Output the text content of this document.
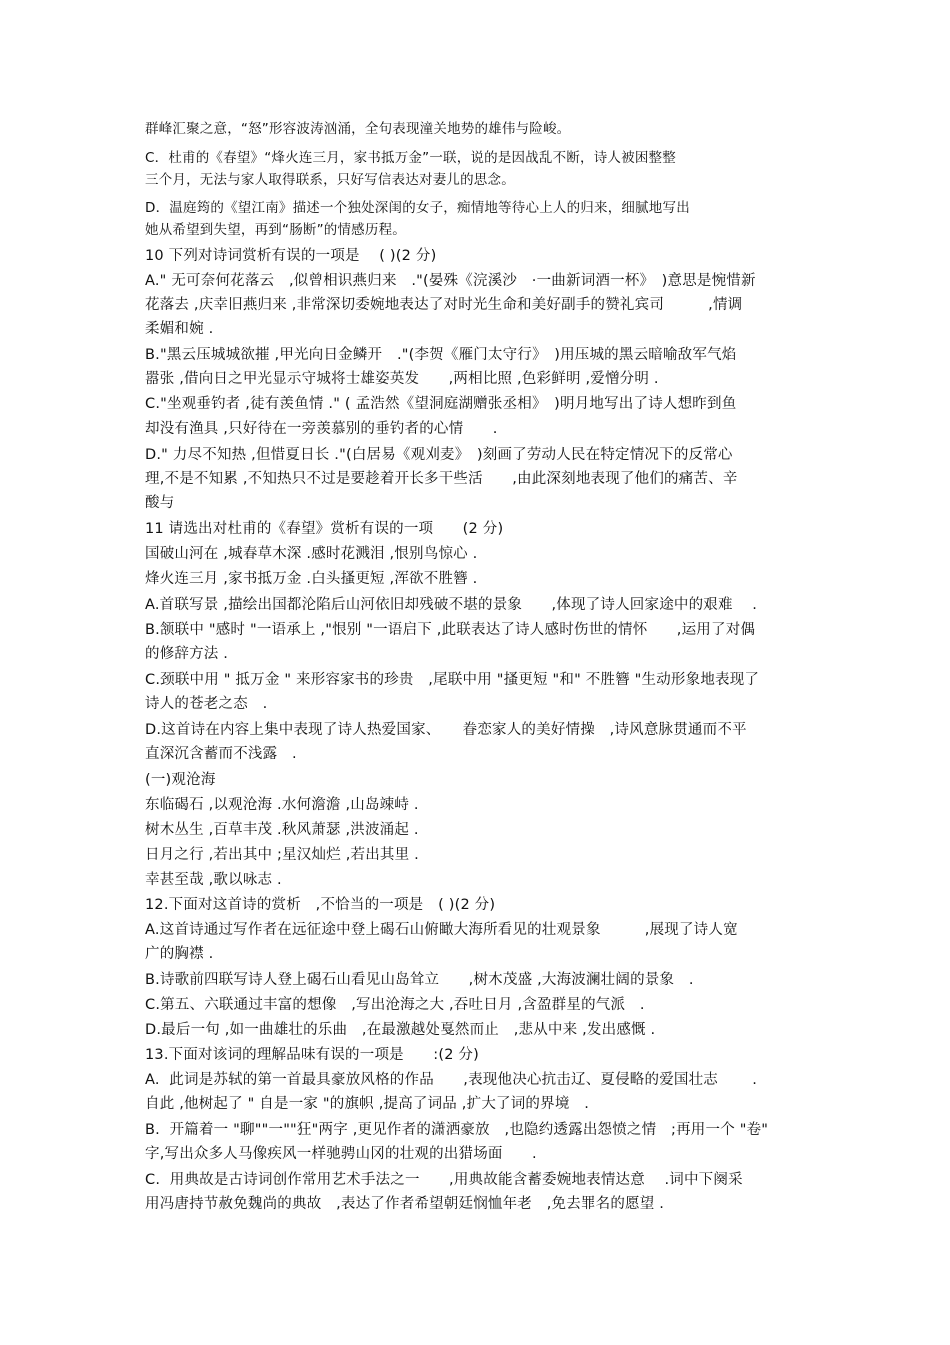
群峰汇聚之意，“怒”形容波涛汹涌，全句表现潼关地势的雄伟与险峻。
C．杜甫的《春望》“烽火连三月，家书抵万金”一联，说的是因战乱不断，诗人被困整整
三个月，无法与家人取得联系，只好写信表达对妻儿的思念。
D．温庭筠的《望江南》描述一个独处深闺的女子，痴情地等待心上人的归来，细腻地写出
她从希望到失望，再到“肠断”的情感历程。
10 下列对诗词赏析有误的一项是　 ( )(2 分)
A." 无可奈何花落云　,似曾相识燕归来　."(晏殊《浣溪沙　·一曲新词酒一杯》　)意思是惋惜新
花落去 ,庆幸旧燕归来 ,非常深切委婉地表达了对时光生命和美好副手的赞礼宾司　　　,情调
柔媚和婉 .
B."黑云压城城欲摧 ,甲光向日金鳞开　."(李贺《雁门太守行》　)用压城的黑云暗喻敌军气焰
嚣张 ,借向日之甲光显示守城将士雄姿英发　　,两相比照 ,色彩鲜明 ,爱憎分明 .
C."坐观垂钓者 ,徒有羡鱼情 ." ( 孟浩然《望洞庭湖赠张丞相》　)明月地写出了诗人想昨到鱼
却没有渔具 ,只好待在一旁羡慕别的垂钓者的心情　　.
D." 力尽不知热 ,但惜夏日长 ."(白居易《观刈麦》　)刻画了劳动人民在特定情况下的反常心
理,不是不知累 ,不知热只不过是要趁着开长多干些活　　,由此深刻地表现了他们的痛苦、辛
酸与
11 请选出对杜甫的《春望》赏析有误的一项　　(2 分)
国破山河在 ,城春草木深 .感时花溅泪 ,恨别鸟惊心 .
烽火连三月 ,家书抵万金 .白头搔更短 ,浑欲不胜簪 .
A.首联写景 ,描绘出国都沦陷后山河依旧却残破不堪的景象　　,体现了诗人回家途中的艰难　 .
B.颔联中 "感时 "一语承上 ,"恨别 "一语启下 ,此联表达了诗人感时伤世的情怀　　,运用了对偶
的修辞方法 .
C.颈联中用 " 抵万金 " 来形容家书的珍贵　,尾联中用 "搔更短 "和" 不胜簪 "生动形象地表现了
诗人的苍老之态　.
D.这首诗在内容上集中表现了诗人热爱国家、　　眷恋家人的美好情操　,诗风意脉贯通而不平
直深沉含蓄而不浅露　.
(一)观沧海
东临碣石 ,以观沧海 .水何澹澹 ,山岛竦峙 .
树木丛生 ,百草丰茂 .秋风萧瑟 ,洪波涌起 .
日月之行 ,若出其中 ;星汉灿烂 ,若出其里 .
幸甚至哉 ,歌以咏志 .
12.下面对这首诗的赏析　,不恰当的一项是　( )(2 分)
A.这首诗通过写作者在远征途中登上碣石山俯瞰大海所看见的壮观景象　　　,展现了诗人宽
广的胸襟 .
B.诗歌前四联写诗人登上碣石山看见山岛耸立　　,树木茂盛 ,大海波澜壮阔的景象　.
C.第五、六联通过丰富的想像　,写出沧海之大 ,吞吐日月 ,含盈群星的气派　.
D.最后一句 ,如一曲雄壮的乐曲　,在最激越处戛然而止　,悲从中来 ,发出感慨 .
13.下面对该词的理解品味有误的一项是　　:(2 分)
A.  此词是苏轼的第一首最具豪放风格的作品　　,表现他决心抗击辽、夏侵略的爱国壮志　　 .
自此 ,他树起了 " 自是一家 "的旗帜 ,提高了词品 ,扩大了词的界境　.
B.  开篇着一 "聊""一""狂"两字 ,更见作者的潇洒豪放　,也隐约透露出怨愤之情　;再用一个 "卷"
字,写出众多人马像疾风一样驰骋山冈的壮观的出猎场面　　.
C.  用典故是古诗词创作常用艺术手法之一　　,用典故能含蓄委婉地表情达意　 .词中下阕采
用冯唐持节赦免魏尚的典故　,表达了作者希望朝廷悯恤年老　,免去罪名的愿望 .
